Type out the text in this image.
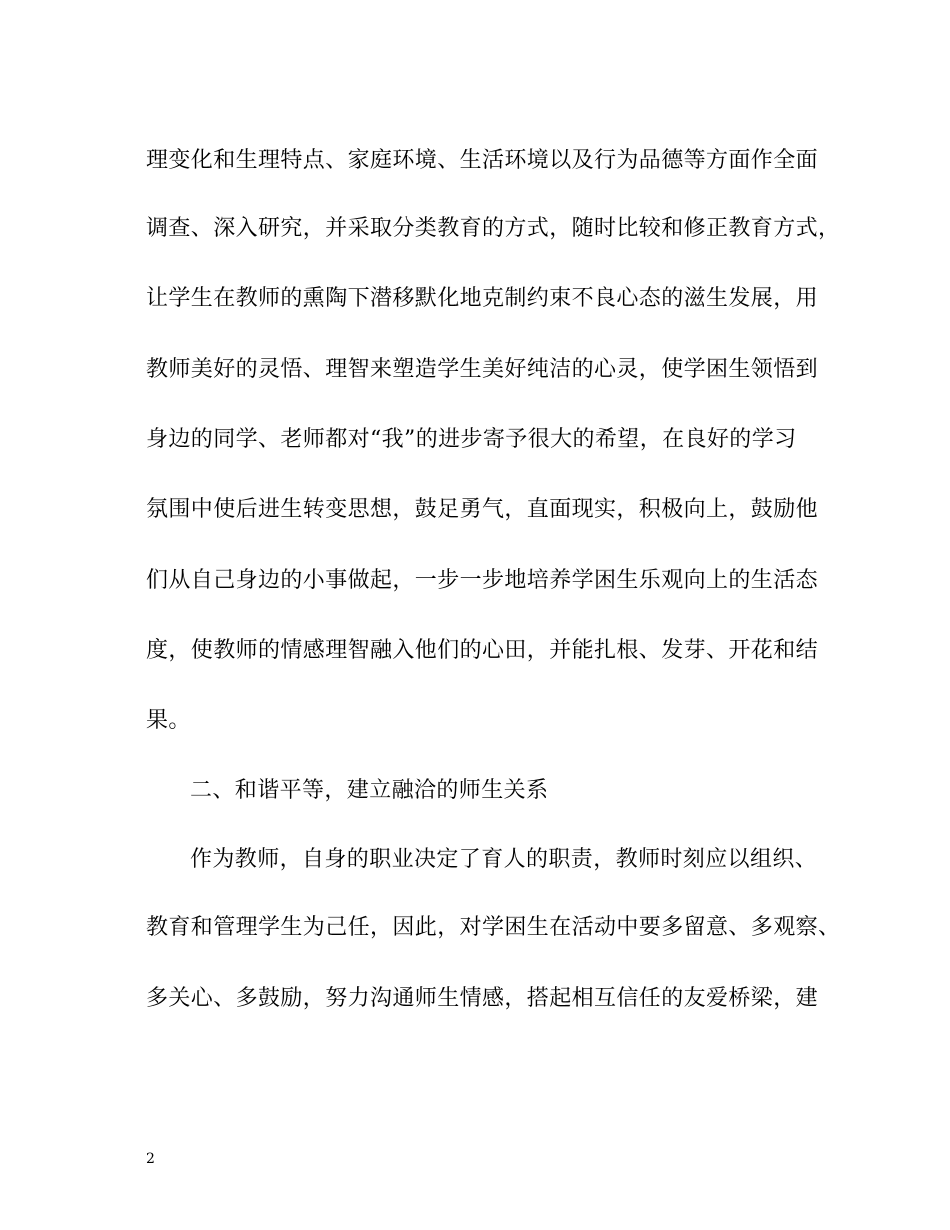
理变化和生理特点、家庭环境、生活环境以及行为品德等方面作全面
调查、深入研究，并采取分类教育的方式，随时比较和修正教育方式，
让学生在教师的熏陶下潜移默化地克制约束不良心态的滋生发展，用
教师美好的灵悟、理智来塑造学生美好纯洁的心灵，使学困生领悟到
身边的同学、老师都对“我”的进步寄予很大的希望，在良好的学习
氛围中使后进生转变思想，鼓足勇气，直面现实，积极向上，鼓励他
们从自己身边的小事做起，一步一步地培养学困生乐观向上的生活态
度，使教师的情感理智融入他们的心田，并能扎根、发芽、开花和结
果。
二、和谐平等，建立融洽的师生关系
作为教师，自身的职业决定了育人的职责，教师时刻应以组织、
教育和管理学生为己任，因此，对学困生在活动中要多留意、多观察、
多关心、多鼓励，努力沟通师生情感，搭起相互信任的友爱桥梁，建
2
